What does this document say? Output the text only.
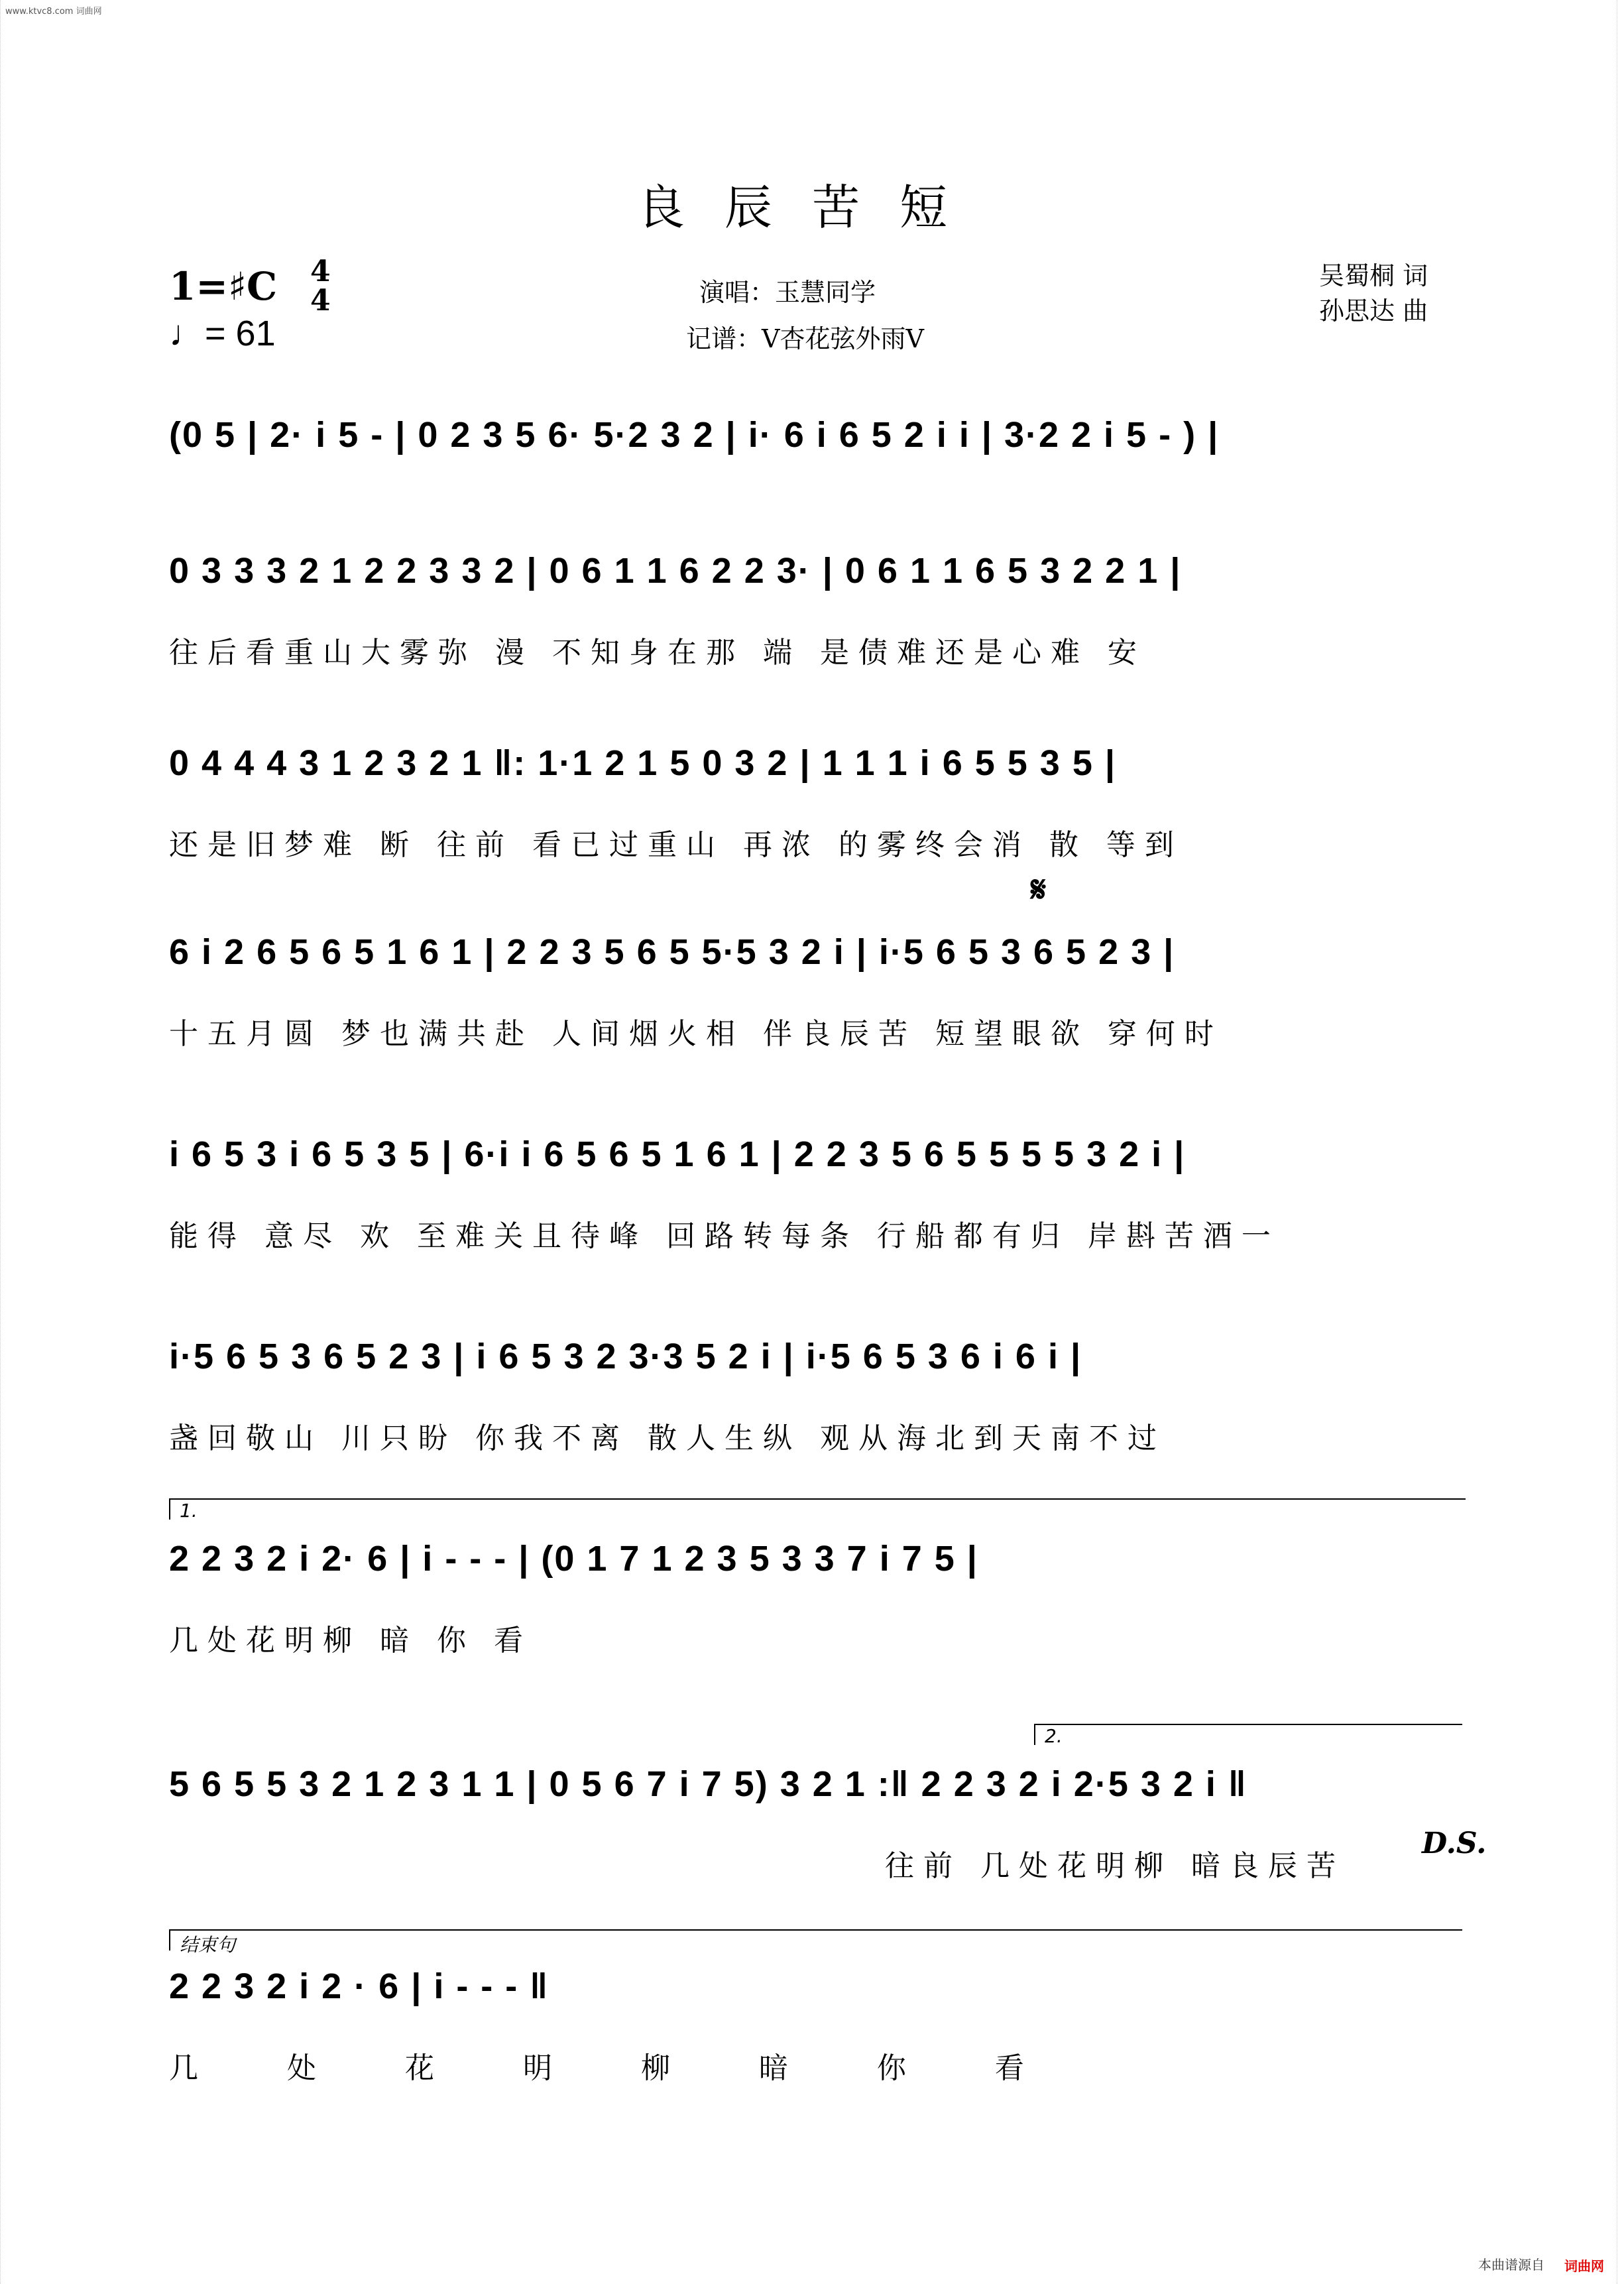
www.ktvc8.com 词曲网
良辰苦短
1=♯C 4
4
♩= 61
演唱：玉慧同学
记谱：V杏花弦外雨V
吴蜀桐 词
孙思达 曲
(0 5 | 2· i 5 - | 0 2 3 5 6· 5·2 3 2 | i· 6 i 6 5 2 i i | 3·2 2 i 5 - ) |
0 3 3 3 2 1 2 2 3 3 2 | 0 6 1 1 6 2 2 3· | 0 6 1 1 6 5 3 2 2 1 |
往后看重山大雾弥 漫 不知身在那 端 是债难还是心难 安
0 4 4 4 3 1 2 3 2 1 ‖: 1·1 2 1 5 0 3 2 | 1 1 1 i 6 5 5 3 5 |
还是旧梦难 断 往前 看已过重山 再浓 的雾终会消 散 等到
𝄋
6 i 2 6 5 6 5 1 6 1 | 2 2 3 5 6 5 5·5 3 2 i | i·5 6 5 3 6 5 2 3 |
十五月圆 梦也满共赴 人间烟火相 伴良辰苦 短望眼欲 穿何时
i 6 5 3 i 6 5 3 5 | 6·i i 6 5 6 5 1 6 1 | 2 2 3 5 6 5 5 5 5 3 2 i |
能得 意尽 欢 至难关且待峰 回路转每条 行船都有归 岸斟苦酒一
i·5 6 5 3 6 5 2 3 | i 6 5 3 2 3·3 5 2 i | i·5 6 5 3 6 i 6 i |
盏回敬山 川只盼 你我不离 散人生纵 观从海北到天南不过
1.
2 2 3 2 i 2· 6 | i - - - | (0 1 7 1 2 3 5 3 3 7 i 7 5 |
几处花明柳 暗 你 看
2.
5 6 5 5 3 2 1 2 3 1 1 | 0 5 6 7 i 7 5) 3 2 1 :‖ 2 2 3 2 i 2·5 3 2 i ‖
往前 几处花明柳 暗良辰苦
D.S.
结束句
2 2 3 2 i 2 · 6 | i - - - ‖
几 处 花 明 柳 暗 你 看
本曲谱源自 词曲网
